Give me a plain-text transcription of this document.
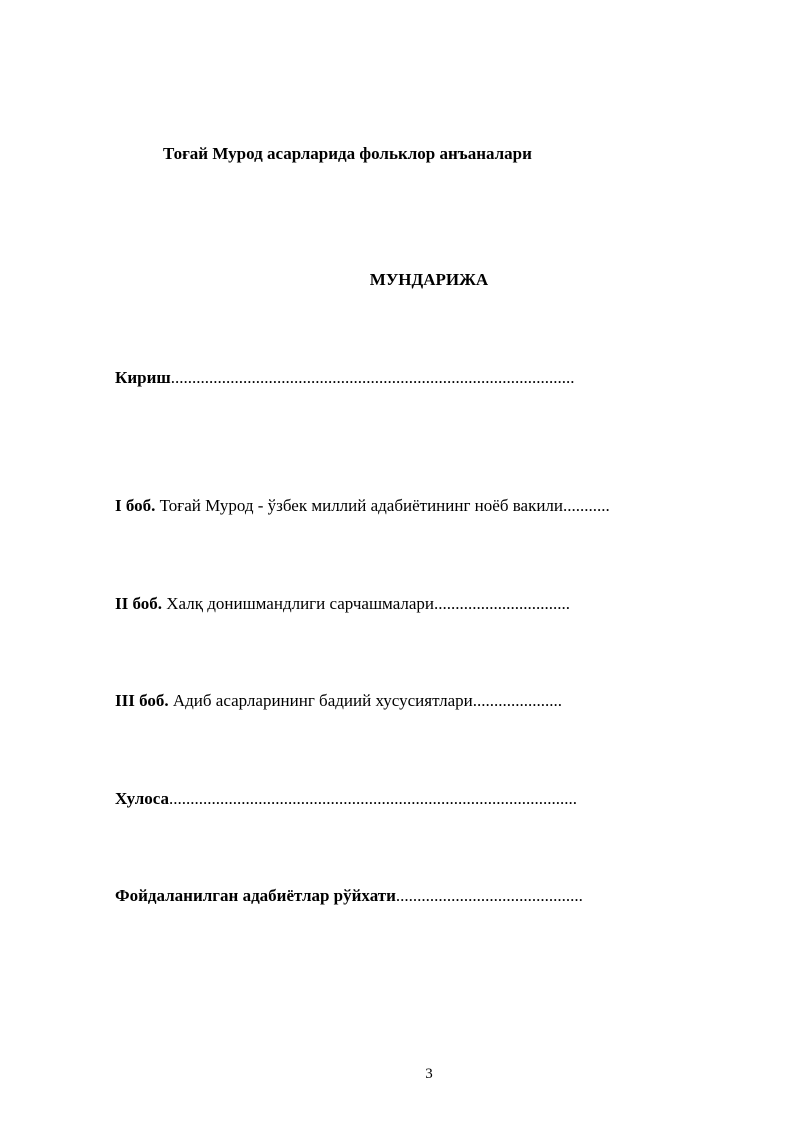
Тоғай Мурод асарларида фольклор анъаналари
МУНДАРИЖА
Кириш...............................................................................................
I боб. Тоғай Мурод - ўзбек миллий адабиётининг ноёб вакили...........
II боб. Халқ донишмандлиги сарчашмалари................................
III боб. Адиб асарларининг бадиий хусусиятлари.....................
Хулоса................................................................................................
Фойдаланилган адабиётлар рўйхати............................................
3
